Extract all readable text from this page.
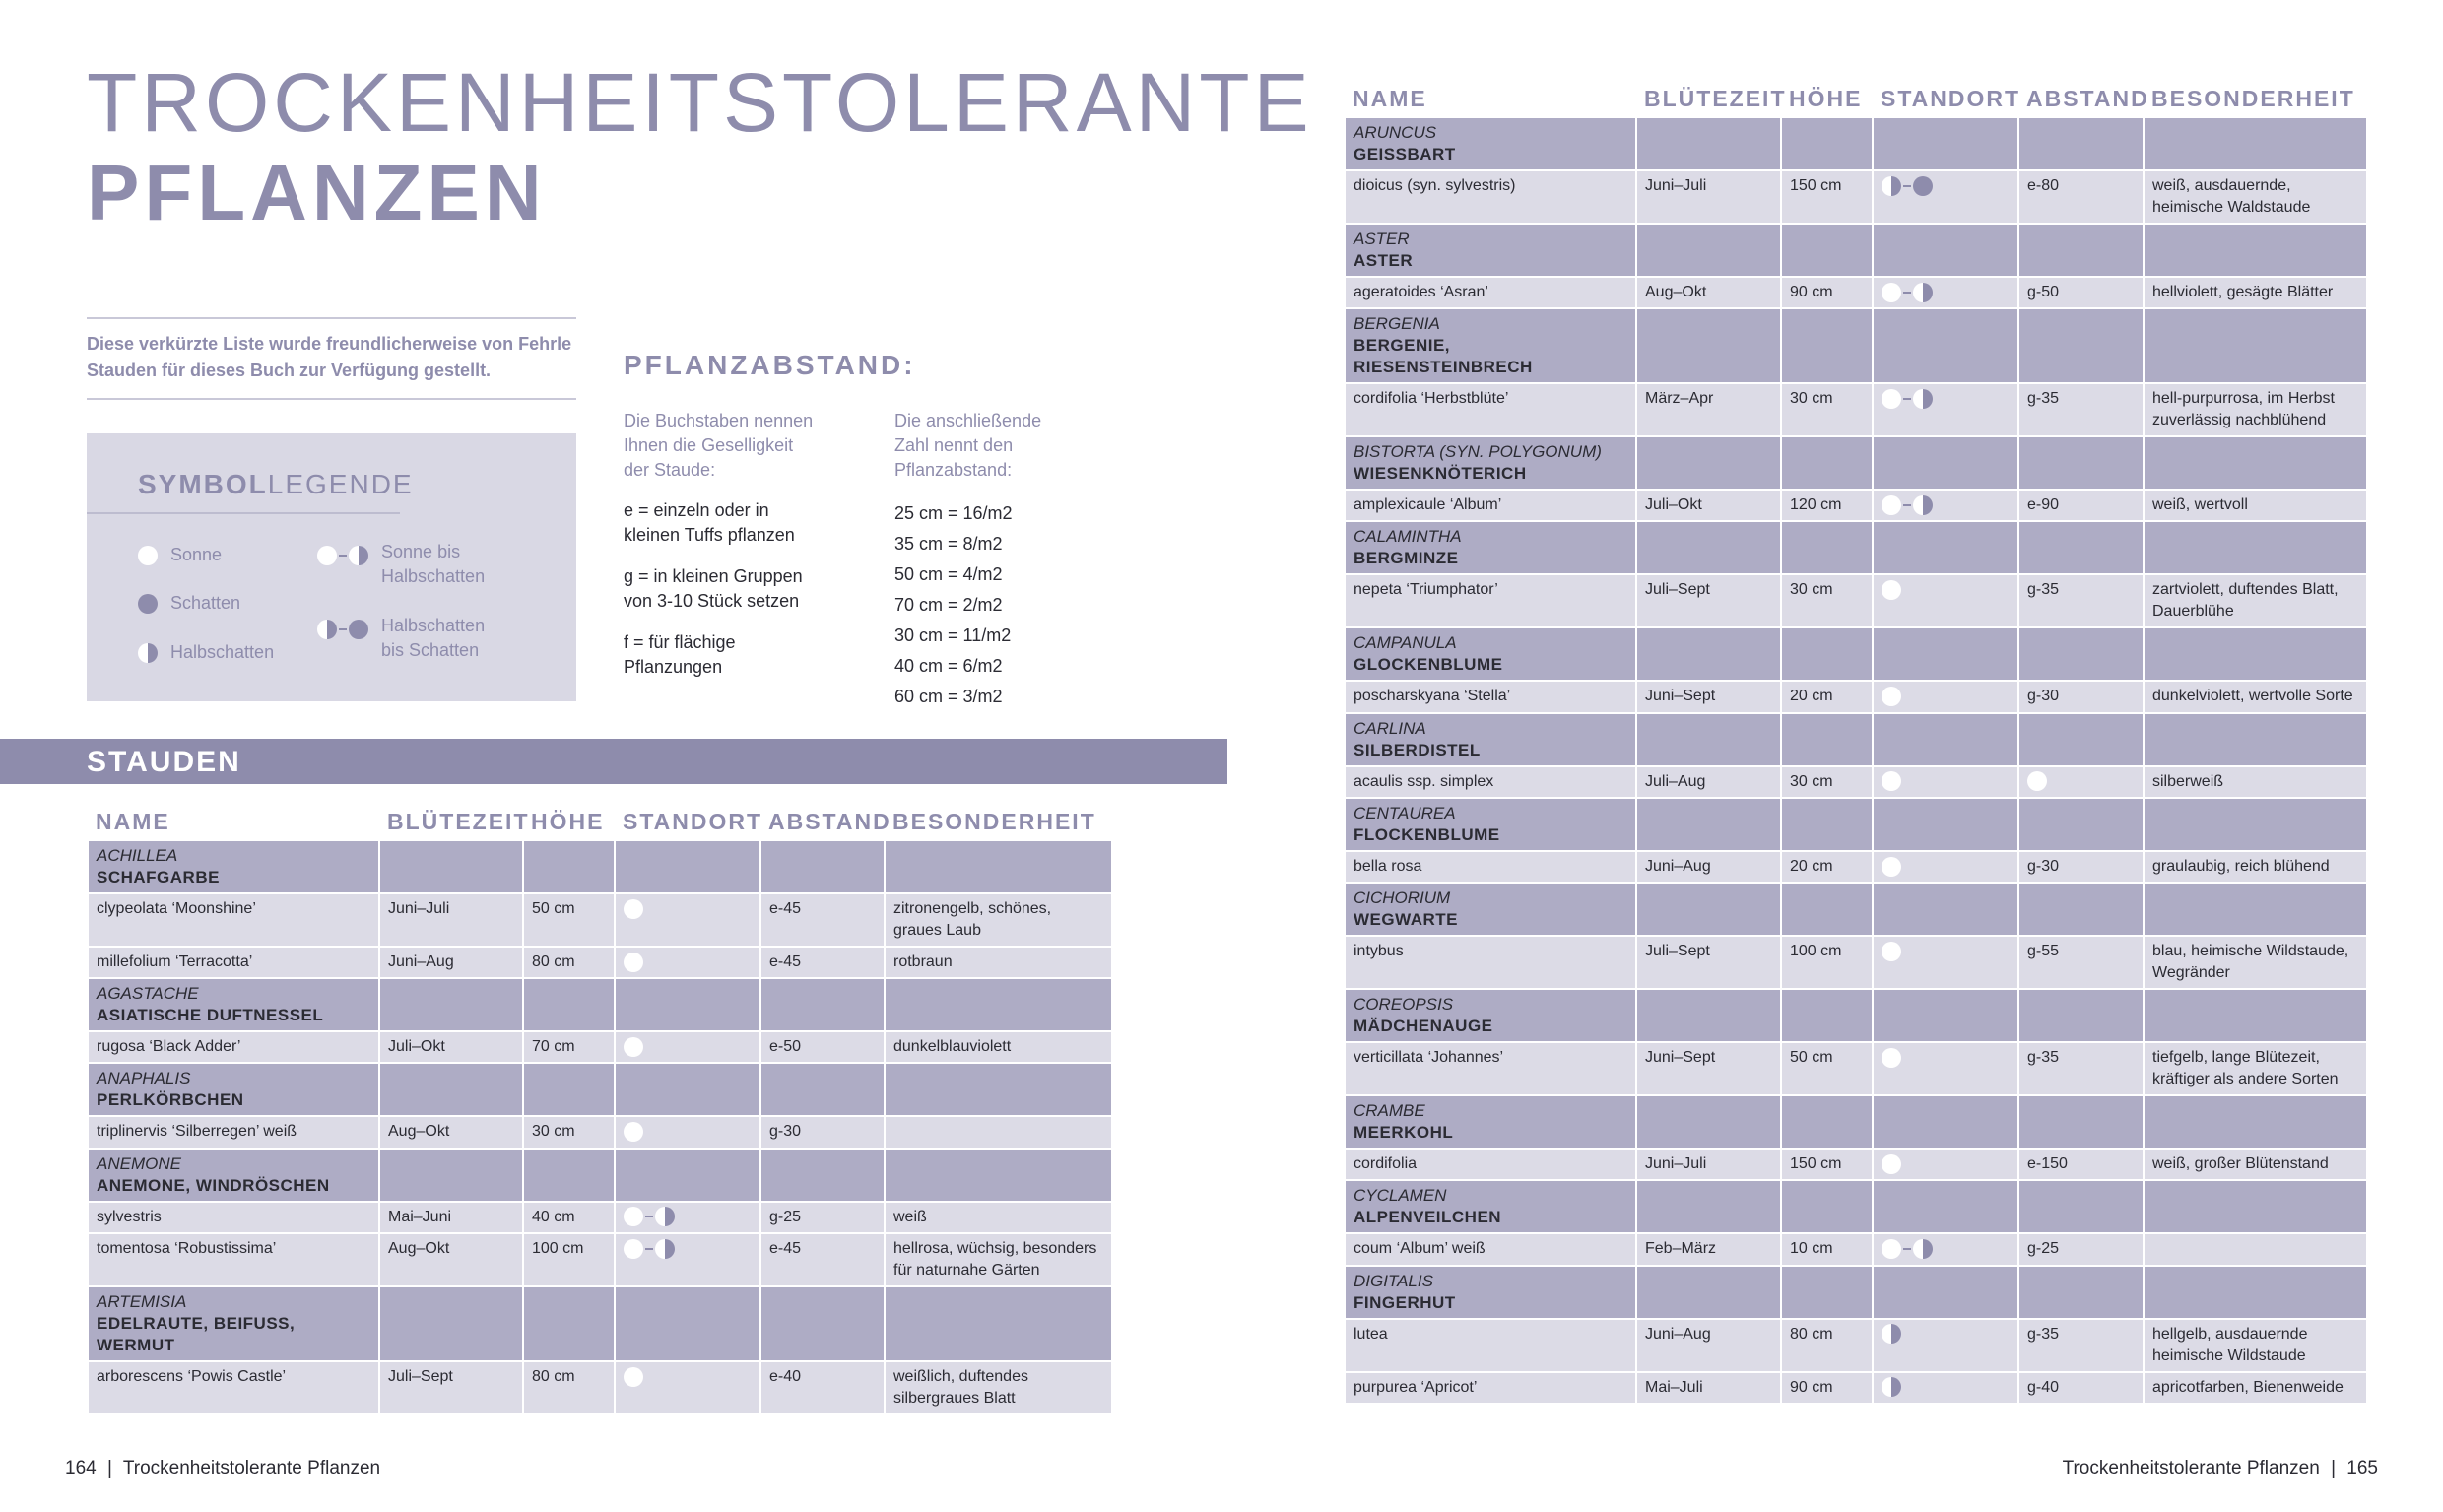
TROCKENHEITSTOLERANTE
PFLANZEN
Diese verkürzte Liste wurde freundlicherweise von Fehrle Stauden für dieses Buch zur Verfügung gestellt.
SYMBOLLEGENDE
Sonne
Schatten
Halbschatten
Sonne bis
Halbschatten
Halbschatten
bis Schatten
PFLANZABSTAND:
Die Buchstaben nennen
Ihnen die Geselligkeit
der Staude:
e = einzeln oder in
kleinen Tuffs pflanzen
g = in kleinen Gruppen
von 3-10 Stück setzen
f = für flächige
Pflanzungen
Die anschließende
Zahl nennt den
Pflanzabstand:
25 cm = 16/m2
35 cm = 8/m2
50 cm = 4/m2
70 cm = 2/m2
30 cm = 11/m2
40 cm = 6/m2
60 cm = 3/m2
STAUDEN
NAME	BLÜTEZEIT	HÖHE	STANDORT	ABSTAND	BESONDERHEIT

ACHILLEA
SCHAFGARBE					

clypeolata ‘Moonshine’	Juni–Juli	50 cm		e-45	zitronengelb, schönes, graues Laub
millefolium ‘Terracotta’	Juni–Aug	80 cm		e-45	rotbraun

AGASTACHE
ASIATISCHE DUFTNESSEL					

rugosa ‘Black Adder’	Juli–Okt	70 cm		e-50	dunkelblauviolett

ANAPHALIS
PERLKÖRBCHEN					

triplinervis ‘Silberregen’ weiß	Aug–Okt	30 cm		g-30	

ANEMONE
ANEMONE, WINDRÖSCHEN					

sylvestris	Mai–Juni	40 cm		g-25	weiß
tomentosa ‘Robustissima’	Aug–Okt	100 cm		e-45	hellrosa, wüchsig, besonders für naturnahe Gärten

ARTEMISIA
EDELRAUTE, BEIFUSS, WERMUT					

arborescens ‘Powis Castle’	Juli–Sept	80 cm		e-40	weißlich, duftendes silbergraues Blatt
NAME	BLÜTEZEIT	HÖHE	STANDORT	ABSTAND	BESONDERHEIT

ARUNCUS
GEISSBART					

dioicus (syn. sylvestris)	Juni–Juli	150 cm		e-80	weiß, ausdauernde, heimische Waldstaude

ASTER
ASTER					

ageratoides ‘Asran’	Aug–Okt	90 cm		g-50	hellviolett, gesägte Blätter

BERGENIA
BERGENIE, RIESENSTEINBRECH					

cordifolia ‘Herbstblüte’	März–Apr	30 cm		g-35	hell-purpurrosa, im Herbst zuverlässig nachblühend

BISTORTA (SYN. POLYGONUM)
WIESENKNÖTERICH					

amplexicaule ‘Album’	Juli–Okt	120 cm		e-90	weiß, wertvoll

CALAMINTHA
BERGMINZE					

nepeta ‘Triumphator’	Juli–Sept	30 cm		g-35	zartviolett, duftendes Blatt, Dauerblühe

CAMPANULA
GLOCKENBLUME					

poscharskyana ‘Stella’	Juni–Sept	20 cm		g-30	dunkelviolett, wertvolle Sorte

CARLINA
SILBERDISTEL					

acaulis ssp. simplex	Juli–Aug	30 cm			silberweiß

CENTAUREA
FLOCKENBLUME					

bella rosa	Juni–Aug	20 cm		g-30	graulaubig, reich blühend

CICHORIUM
WEGWARTE					

intybus	Juli–Sept	100 cm		g-55	blau, heimische Wildstaude, Wegränder

COREOPSIS
MÄDCHENAUGE					

verticillata ‘Johannes’	Juni–Sept	50 cm		g-35	tiefgelb, lange Blütezeit, kräftiger als andere Sorten

CRAMBE
MEERKOHL					

cordifolia	Juni–Juli	150 cm		e-150	weiß, großer Blütenstand

CYCLAMEN
ALPENVEILCHEN					

coum ‘Album’ weiß	Feb–März	10 cm		g-25	

DIGITALIS
FINGERHUT					

lutea	Juni–Aug	80 cm		g-35	hellgelb, ausdauernde heimische Wildstaude
purpurea ‘Apricot’	Mai–Juli	90 cm		g-40	apricotfarben, Bienenweide
164 | Trockenheitstolerante Pflanzen	Trockenheitstolerante Pflanzen | 165
